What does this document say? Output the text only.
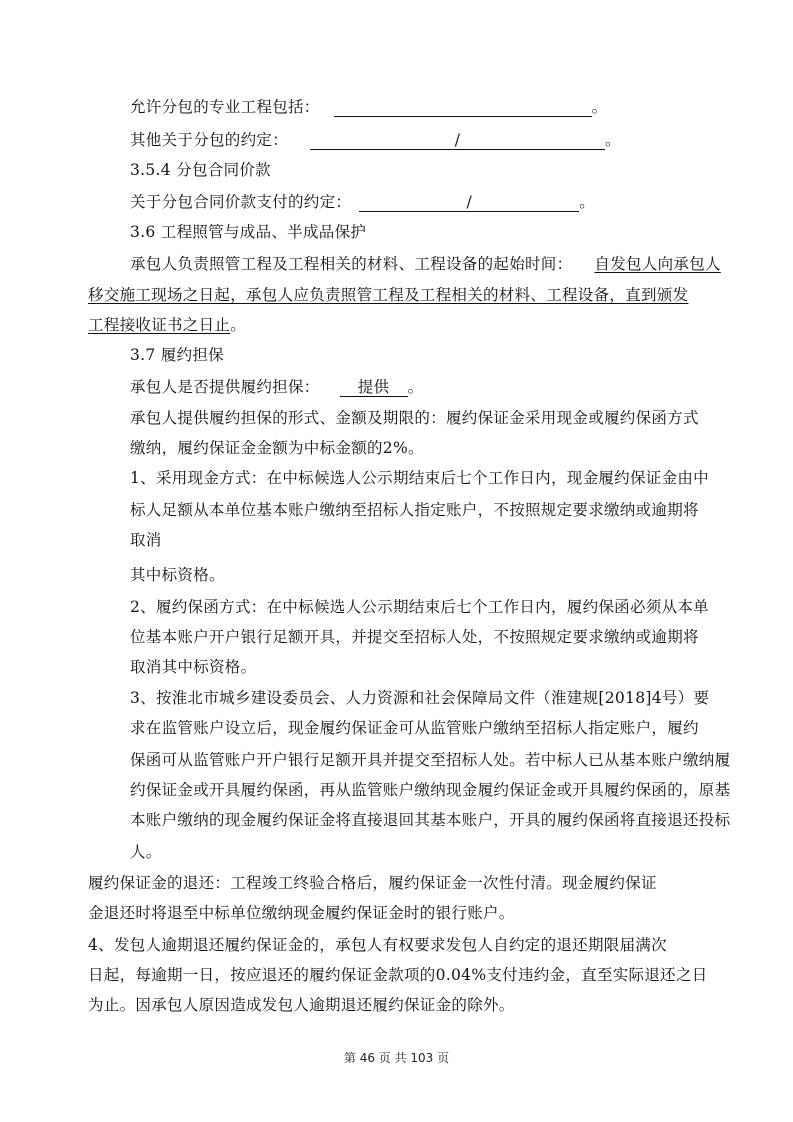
允许分包的专业工程包括：	。
其他关于分包的约定：	/	。
3.5.4 分包合同价款
关于分包合同价款支付的约定：	/	。
3.6 工程照管与成品、半成品保护
承包人负责照管工程及工程相关的材料、工程设备的起始时间： 自发包人向承包人
移交施工现场之日起，承包人应负责照管工程及工程相关的材料、工程设备，直到颁发
工程接收证书之日止。
3.7 履约担保
承包人是否提供履约担保：	提供	。
承包人提供履约担保的形式、金额及期限的：履约保证金采用现金或履约保函方式
缴纳，履约保证金金额为中标金额的2%。
1、采用现金方式：在中标候选人公示期结束后七个工作日内，现金履约保证金由中
标人足额从本单位基本账户缴纳至招标人指定账户，不按照规定要求缴纳或逾期将
取消
其中标资格。
2、履约保函方式：在中标候选人公示期结束后七个工作日内，履约保函必须从本单
位基本账户开户银行足额开具，并提交至招标人处，不按照规定要求缴纳或逾期将
取消其中标资格。
3、按淮北市城乡建设委员会、人力资源和社会保障局文件（淮建规[2018]4号）要
求在监管账户设立后，现金履约保证金可从监管账户缴纳至招标人指定账户，履约
保函可从监管账户开户银行足额开具并提交至招标人处。若中标人已从基本账户缴纳履
约保证金或开具履约保函，再从监管账户缴纳现金履约保证金或开具履约保函的，原基
本账户缴纳的现金履约保证金将直接退回其基本账户，开具的履约保函将直接退还投标
人。
履约保证金的退还：工程竣工终验合格后，履约保证金一次性付清。现金履约保证
金退还时将退至中标单位缴纳现金履约保证金时的银行账户。
4、发包人逾期退还履约保证金的，承包人有权要求发包人自约定的退还期限届满次
日起，每逾期一日，按应退还的履约保证金款项的0.04%支付违约金，直至实际退还之日
为止。因承包人原因造成发包人逾期退还履约保证金的除外。
第 46 页 共 103 页
